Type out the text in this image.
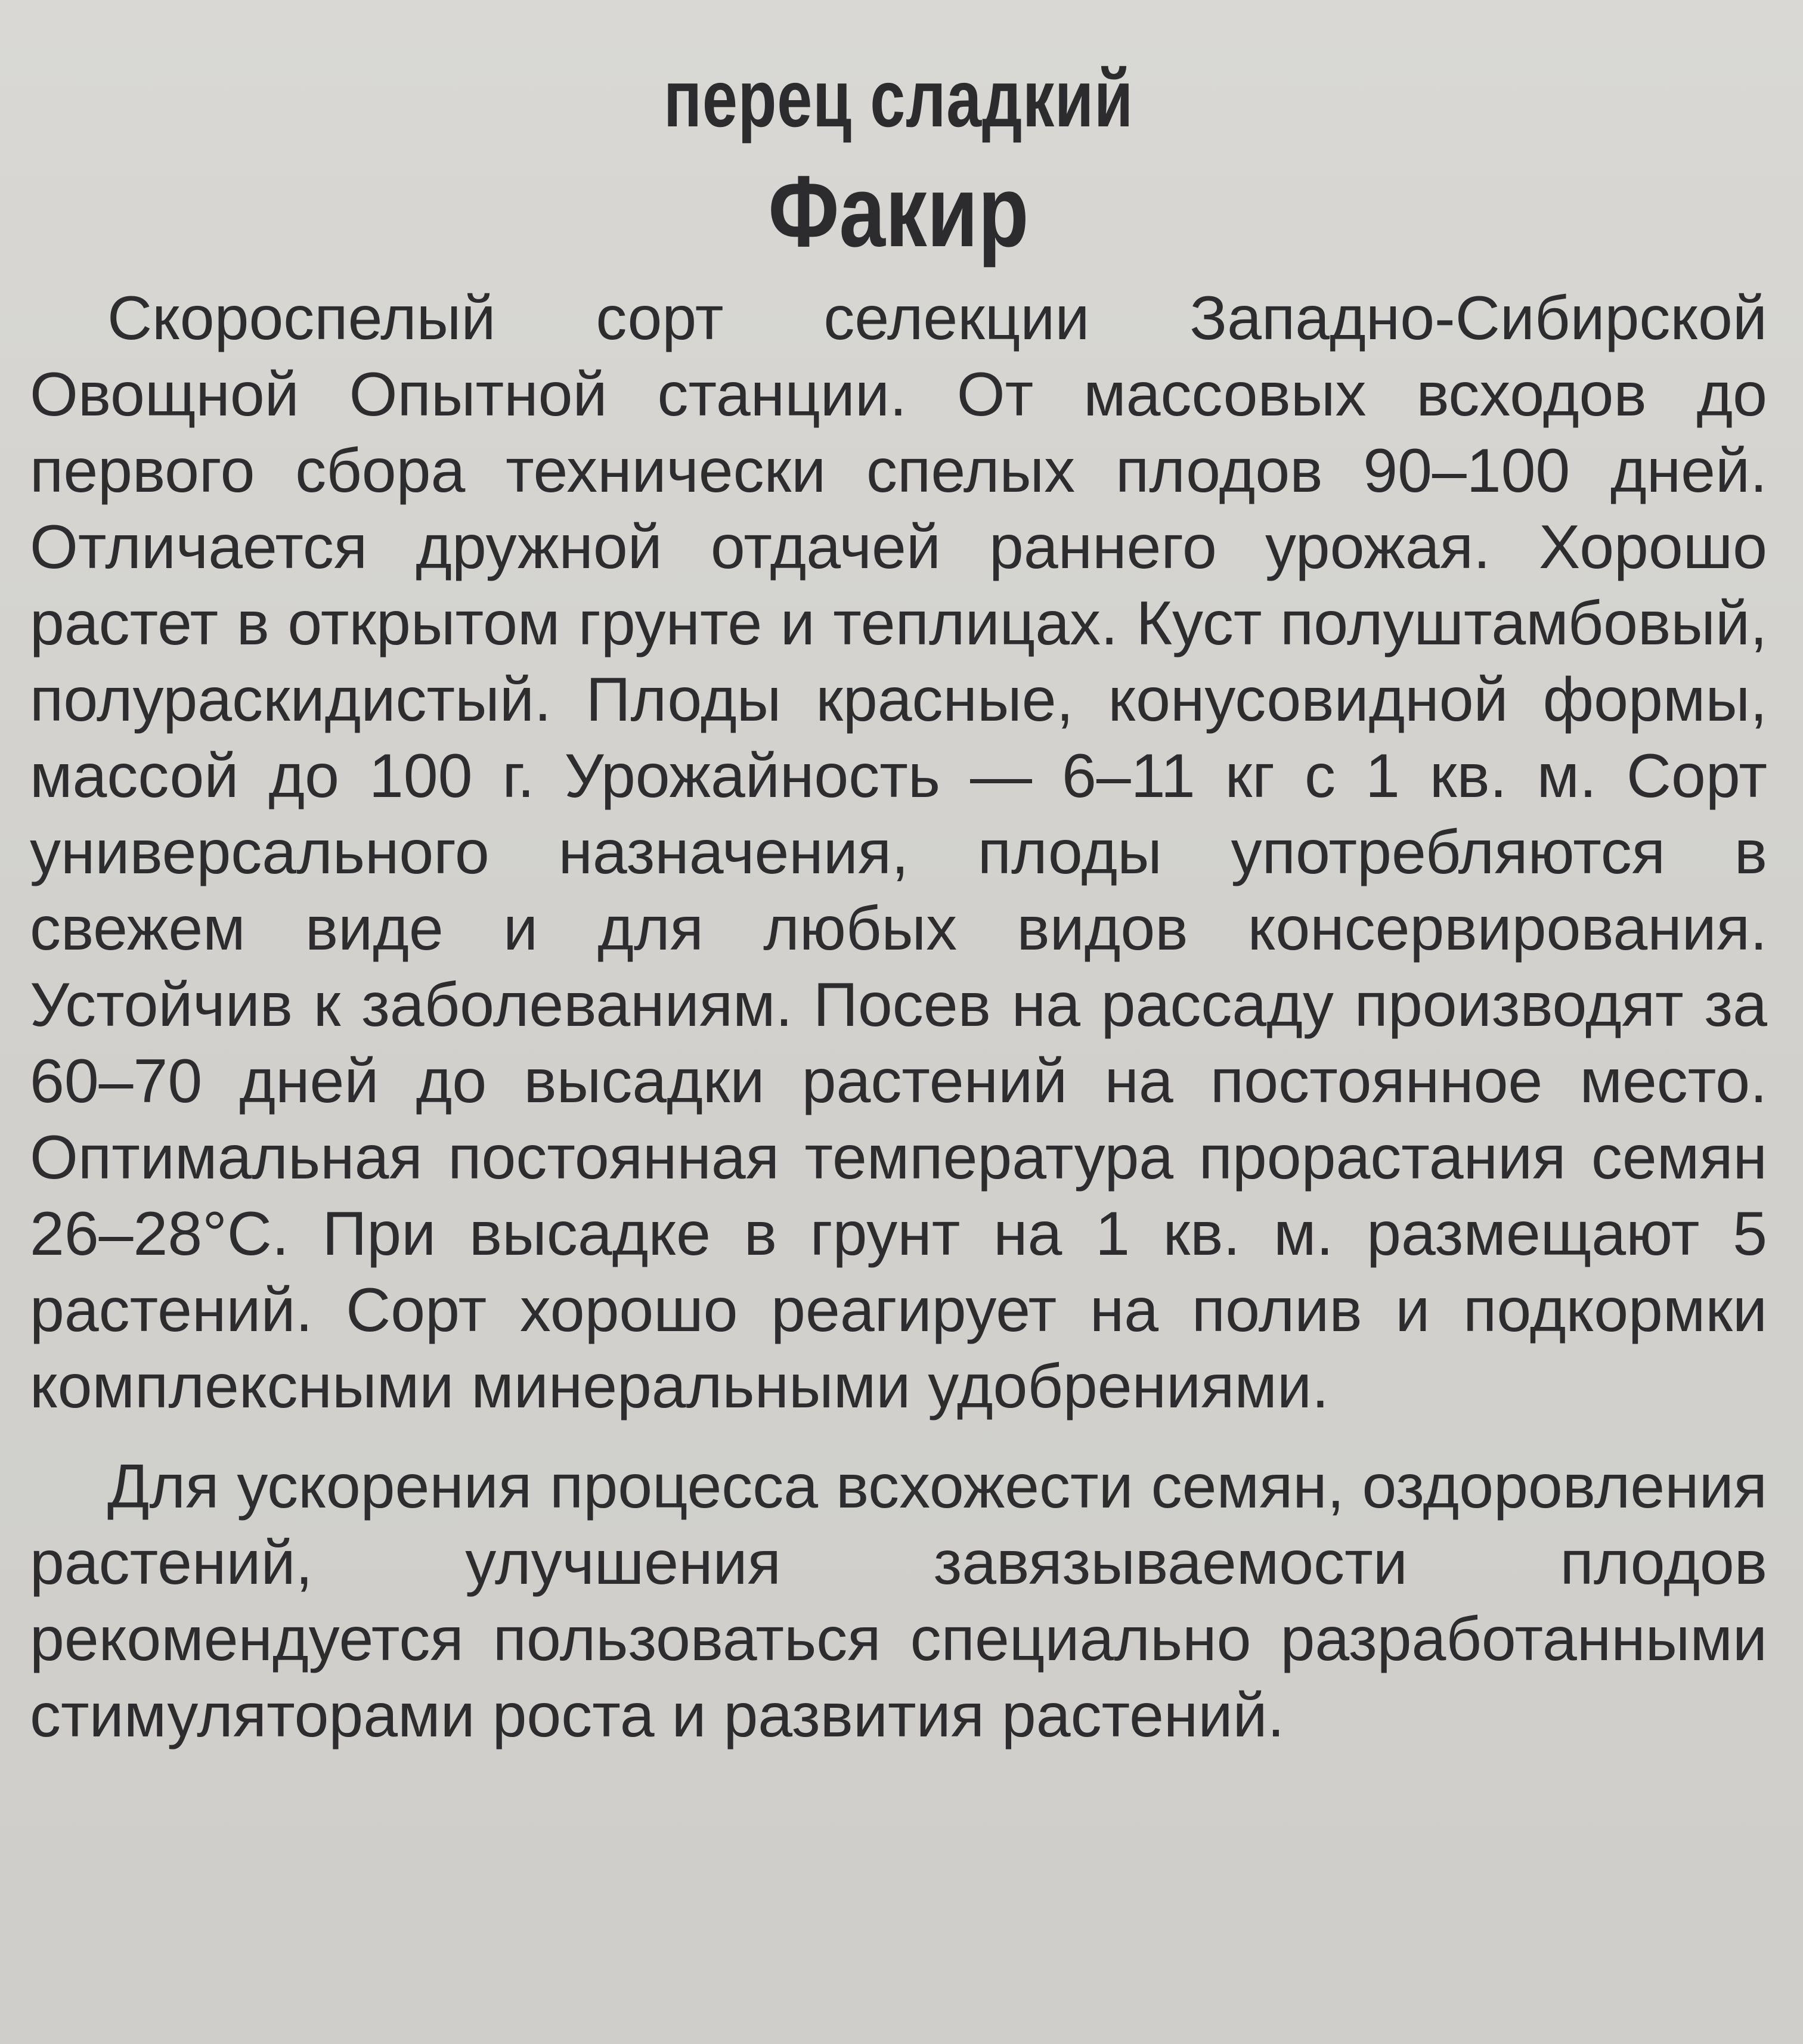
перец сладкий
Факир

Скороспелый сорт селекции Западно-Сибирской Овощной Опытной станции. От массовых всходов до первого сбора технически спелых плодов 90–100 дней. Отличается дружной отдачей раннего урожая. Хорошо растет в открытом грунте и теплицах. Куст полуштамбовый, полураскидистый. Плоды красные, конусовидной формы, массой до 100 г. Урожайность — 6–11 кг с 1 кв. м. Сорт универсального назначения, плоды употребляются в свежем виде и для любых видов консервирования. Устойчив к заболеваниям. Посев на рассаду производят за 60–70 дней до высадки растений на постоянное место. Оптимальная постоянная температура прорастания семян 26–28°С. При высадке в грунт на 1 кв. м. размещают 5 растений. Сорт хорошо реагирует на полив и подкормки комплексными минеральными удобрениями.

Для ускорения процесса всхожести семян, оздоровления растений, улучшения завязываемости плодов рекомендуется пользоваться специально разработанными стимуляторами роста и развития растений.
